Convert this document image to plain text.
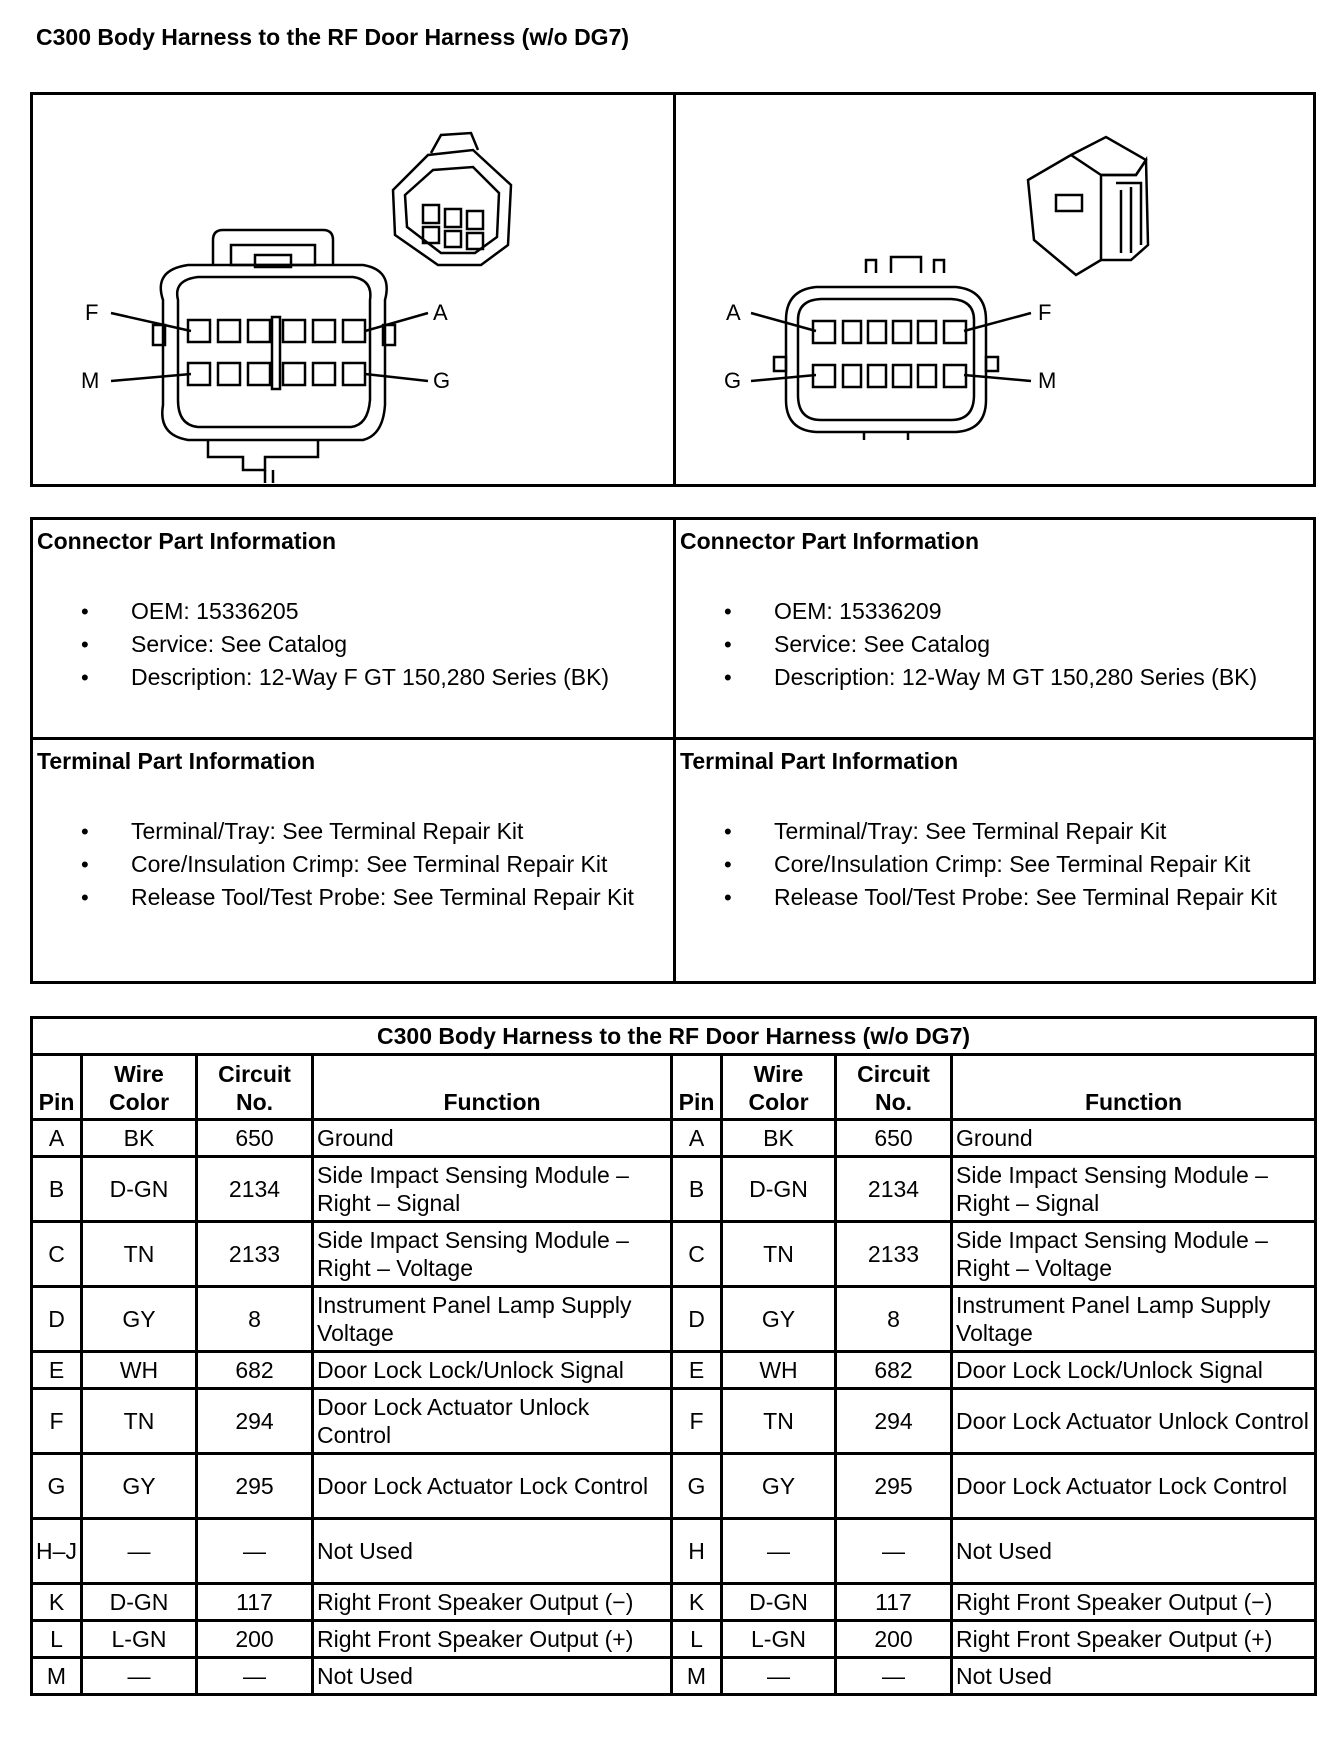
C300 Body Harness to the RF Door Harness (w/o DG7)
F
M
A
G
A
G
F
M
Connector Part Information
• OEM: 15336205
• Service: See Catalog
• Description: 12-Way F GT 150,280 Series (BK)
Connector Part Information
• OEM: 15336209
• Service: See Catalog
• Description: 12-Way M GT 150,280 Series (BK)
Terminal Part Information
• Terminal/Tray: See Terminal Repair Kit
• Core/Insulation Crimp: See Terminal Repair Kit
• Release Tool/Test Probe: See Terminal Repair Kit
Terminal Part Information
• Terminal/Tray: See Terminal Repair Kit
• Core/Insulation Crimp: See Terminal Repair Kit
• Release Tool/Test Probe: See Terminal Repair Kit
C300 Body Harness to the RF Door Harness (w/o DG7)							
Pin	Wire Color	Circuit No.	Function	Pin	Wire Color	Circuit No.	Function
A	BK	650	Ground	A	BK	650	Ground
B	D-GN	2134	Side Impact Sensing Module – Right – Signal	B	D-GN	2134	Side Impact Sensing Module – Right – Signal
C	TN	2133	Side Impact Sensing Module – Right – Voltage	C	TN	2133	Side Impact Sensing Module – Right – Voltage
D	GY	8	Instrument Panel Lamp Supply Voltage	D	GY	8	Instrument Panel Lamp Supply Voltage
E	WH	682	Door Lock Lock/Unlock Signal	E	WH	682	Door Lock Lock/Unlock Signal
F	TN	294	Door Lock Actuator Unlock Control	F	TN	294	Door Lock Actuator Unlock Control
G	GY	295	Door Lock Actuator Lock Control	G	GY	295	Door Lock Actuator Lock Control
H–J	—	—	Not Used	H	—	—	Not Used
K	D-GN	117	Right Front Speaker Output (−)	K	D-GN	117	Right Front Speaker Output (−)
L	L-GN	200	Right Front Speaker Output (+)	L	L-GN	200	Right Front Speaker Output (+)
M	—	—	Not Used	M	—	—	Not Used
